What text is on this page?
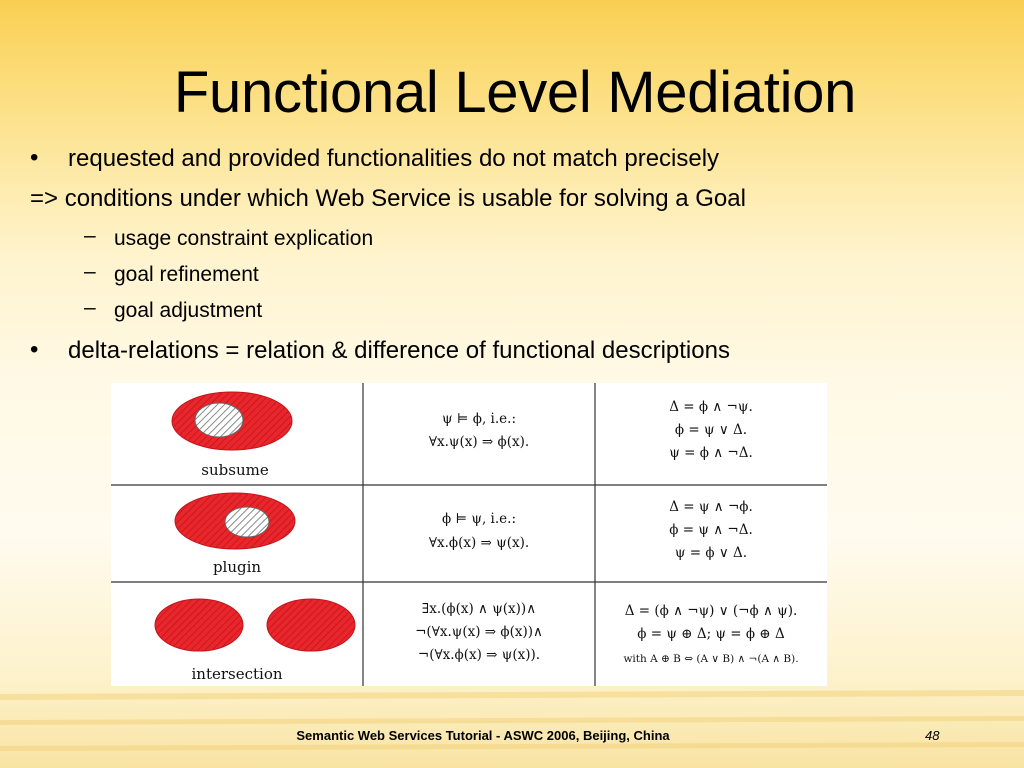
Functional Level Mediation
• requested and provided functionalities do not match precisely
=> conditions under which Web Service is usable for solving a Goal
– usage constraint explication
– goal refinement
– goal adjustment
• delta-relations = relation & difference of functional descriptions
subsume
ψ ⊨ ϕ, i.e.:
∀x.ψ(x) ⇒ ϕ(x).
Δ = ϕ ∧ ¬ψ.
ϕ = ψ ∨ Δ.
ψ = ϕ ∧ ¬Δ.
plugin
ϕ ⊨ ψ, i.e.:
∀x.ϕ(x) ⇒ ψ(x).
Δ = ψ ∧ ¬ϕ.
ϕ = ψ ∧ ¬Δ.
ψ = ϕ ∨ Δ.
intersection
∃x.(ϕ(x) ∧ ψ(x))∧
¬(∀x.ψ(x) ⇒ ϕ(x))∧
¬(∀x.ϕ(x) ⇒ ψ(x)).
Δ = (ϕ ∧ ¬ψ) ∨ (¬ϕ ∧ ψ).
ϕ = ψ ⊕ Δ; ψ = ϕ ⊕ Δ
with A ⊕ B ⇔ (A ∨ B) ∧ ¬(A ∧ B).
Semantic Web Services Tutorial - ASWC 2006, Beijing, China	48
